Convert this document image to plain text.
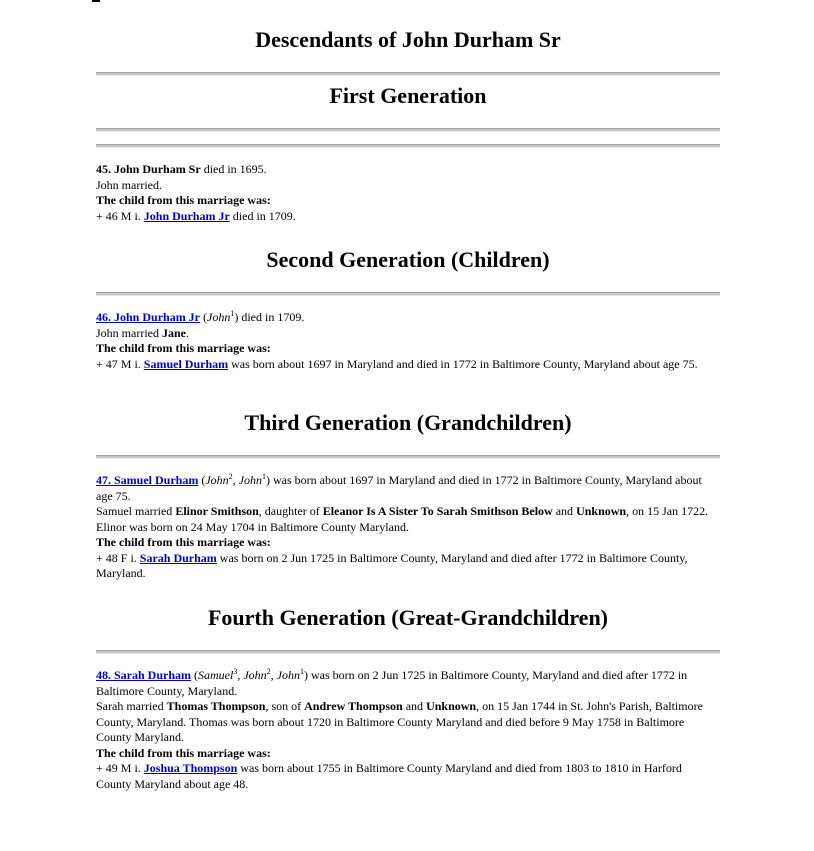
Descendants of John Durham Sr
First Generation

45. John Durham Sr died in 1695.

John married.

The child from this marriage was:

+ 46 M i. John Durham Jr died in 1709.

Second Generation (Children)

46. John Durham Jr (John$^1$) died in 1709.

John married Jane.

The child from this marriage was:

+ 47 M i. Samuel Durham was born about 1697 in Maryland and died in 1772 in Baltimore County, Maryland about age 75.

Third Generation (Grandchildren)

47. Samuel Durham (John$^2$, John$^1$) was born about 1697 in Maryland and died in 1772 in Baltimore County, Maryland about age 75.

Samuel married Elinor Smithson, daughter of Eleanor Is A Sister To Sarah Smithson Below and Unknown, on 15 Jan 1722. Elinor was born on 24 May 1704 in Baltimore County Maryland.

The child from this marriage was:

+ 48 F i. Sarah Durham was born on 2 Jun 1725 in Baltimore County, Maryland and died after 1772 in Baltimore County, Maryland.

Fourth Generation (Great-Grandchildren)

48. Sarah Durham (Samuel$^3$, John$^2$, John$^1$) was born on 2 Jun 1725 in Baltimore County, Maryland and died after 1772 in Baltimore County, Maryland.

Sarah married Thomas Thompson, son of Andrew Thompson and Unknown, on 15 Jan 1744 in St. John's Parish, Baltimore County, Maryland. Thomas was born about 1720 in Baltimore County Maryland and died before 9 May 1758 in Baltimore County Maryland.

The child from this marriage was:

+ 49 M i. Joshua Thompson was born about 1755 in Baltimore County Maryland and died from 1803 to 1810 in Harford County Maryland about age 48.
